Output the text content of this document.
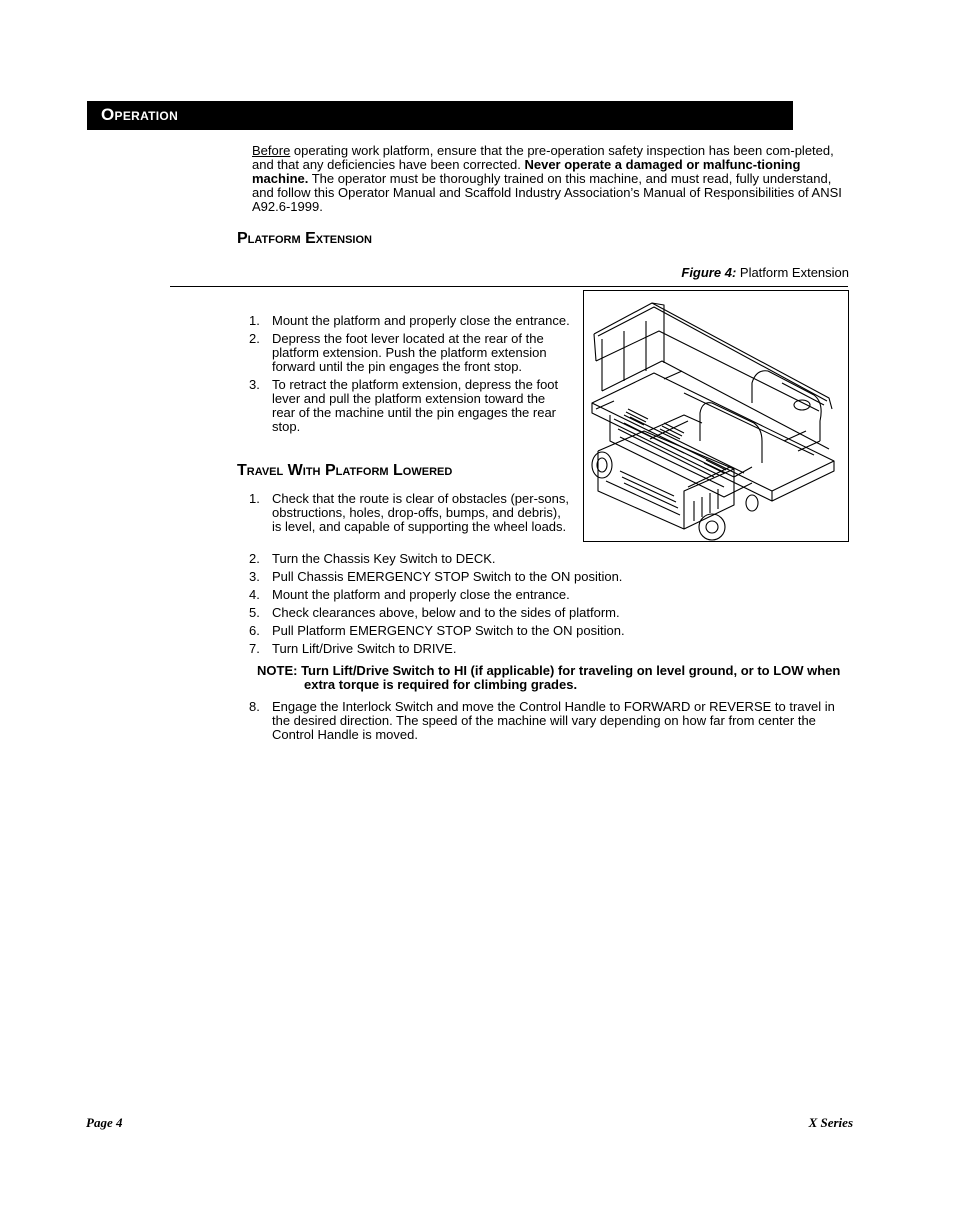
Operation
Before operating work platform, ensure that the pre-operation safety inspection has been com-pleted, and that any deficiencies have been corrected. Never operate a damaged or malfunc-tioning machine. The operator must be thoroughly trained on this machine, and must read, fully understand, and follow this Operator Manual and Scaffold Industry Association’s Manual of Responsibilities of ANSI A92.6-1999.
Platform Extension
Figure 4: Platform Extension
1. Mount the platform and properly close the entrance.
2. Depress the foot lever located at the rear of the platform extension. Push the platform extension forward until the pin engages the front stop.
3. To retract the platform extension, depress the foot lever and pull the platform extension toward the rear of the machine until the pin engages the rear stop.
Travel With Platform Lowered
1. Check that the route is clear of obstacles (per-sons, obstructions, holes, drop-offs, bumps, and debris), is level, and capable of supporting the wheel loads.
2. Turn the Chassis Key Switch to DECK.
3. Pull Chassis EMERGENCY STOP Switch to the ON position.
4. Mount the platform and properly close the entrance.
5. Check clearances above, below and to the sides of platform.
6. Pull Platform EMERGENCY STOP Switch to the ON position.
7. Turn Lift/Drive Switch to DRIVE.
NOTE: Turn Lift/Drive Switch to HI (if applicable) for traveling on level ground, or to LOW when extra torque is required for climbing grades.
8. Engage the Interlock Switch and move the Control Handle to FORWARD or REVERSE to travel in the desired direction. The speed of the machine will vary depending on how far from center the Control Handle is moved.
Page 4	X Series
